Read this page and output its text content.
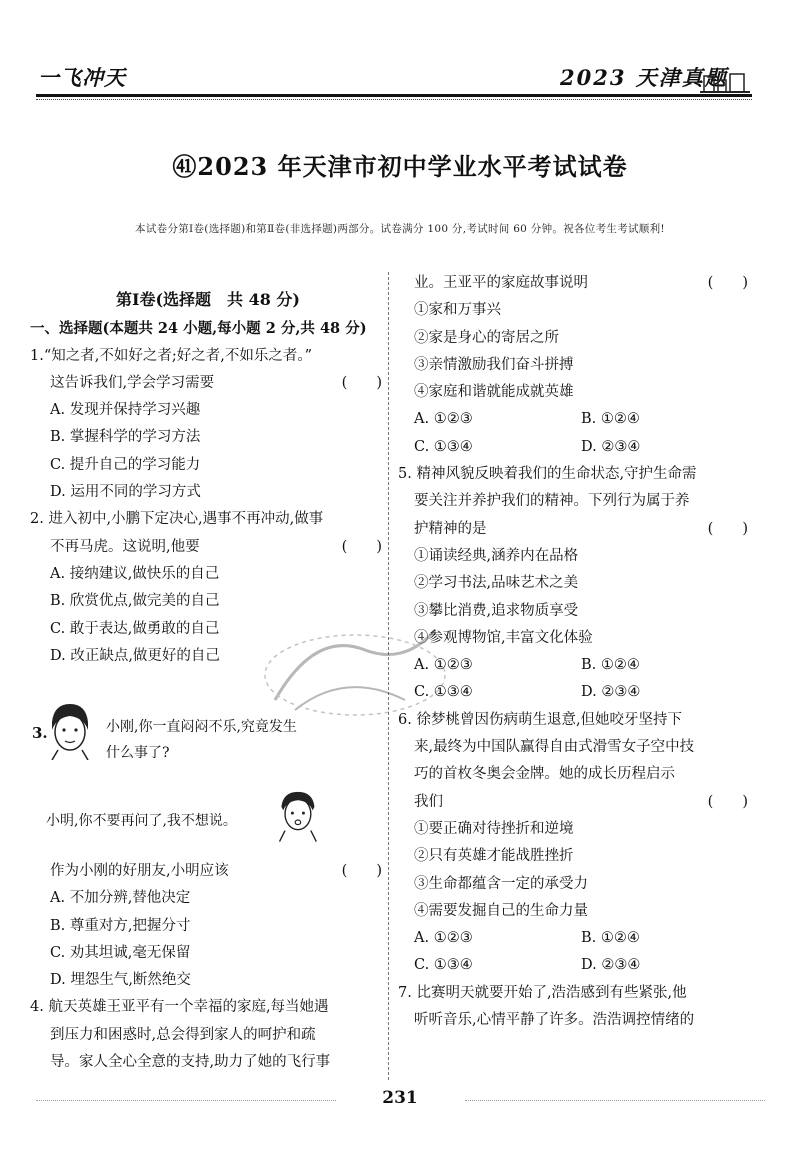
一飞冲天	2023 天津真题
㊶2023 年天津市初中学业水平考试试卷
本试卷分第Ⅰ卷(选择题)和第Ⅱ卷(非选择题)两部分。试卷满分 100 分,考试时间 60 分钟。祝各位考生考试顺利!

第Ⅰ卷(选择题　共 48 分)

一、选择题(本题共 24 小题,每小题 2 分,共 48 分)

1.“知之者,不如好之者;好之者,不如乐之者。”

这告诉我们,学会学习需要	(　　)

A. 发现并保持学习兴趣

B. 掌握科学的学习方法

C. 提升自己的学习能力

D. 运用不同的学习方式

2. 进入初中,小鹏下定决心,遇事不再冲动,做事

不再马虎。这说明,他要	(　　)

A. 接纳建议,做快乐的自己

B. 欣赏优点,做完美的自己

C. 敢于表达,做勇敢的自己

D. 改正缺点,做更好的自己

3.	小刚,你一直闷闷不乐,究竟发生
什么事了?
小明,你不要再问了,我不想说。

作为小刚的好朋友,小明应该	(　　)

A. 不加分辨,替他决定

B. 尊重对方,把握分寸

C. 劝其坦诚,毫无保留

D. 埋怨生气,断然绝交

4. 航天英雄王亚平有一个幸福的家庭,每当她遇

到压力和困惑时,总会得到家人的呵护和疏

导。家人全心全意的支持,助力了她的飞行事

业。王亚平的家庭故事说明	(　　)

①家和万事兴

②家是身心的寄居之所

③亲情激励我们奋斗拼搏

④家庭和谐就能成就英雄

A. ①②③	B. ①②④

C. ①③④	D. ②③④

5. 精神风貌反映着我们的生命状态,守护生命需

要关注并养护我们的精神。下列行为属于养

护精神的是	(　　)

①诵读经典,涵养内在品格

②学习书法,品味艺术之美

③攀比消费,追求物质享受

④参观博物馆,丰富文化体验

A. ①②③	B. ①②④

C. ①③④	D. ②③④

6. 徐梦桃曾因伤病萌生退意,但她咬牙坚持下

来,最终为中国队赢得自由式滑雪女子空中技

巧的首枚冬奥会金牌。她的成长历程启示

我们	(　　)

①要正确对待挫折和逆境

②只有英雄才能战胜挫折

③生命都蕴含一定的承受力

④需要发掘自己的生命力量

A. ①②③	B. ①②④

C. ①③④	D. ②③④

7. 比赛明天就要开始了,浩浩感到有些紧张,他

听听音乐,心情平静了许多。浩浩调控情绪的

231
